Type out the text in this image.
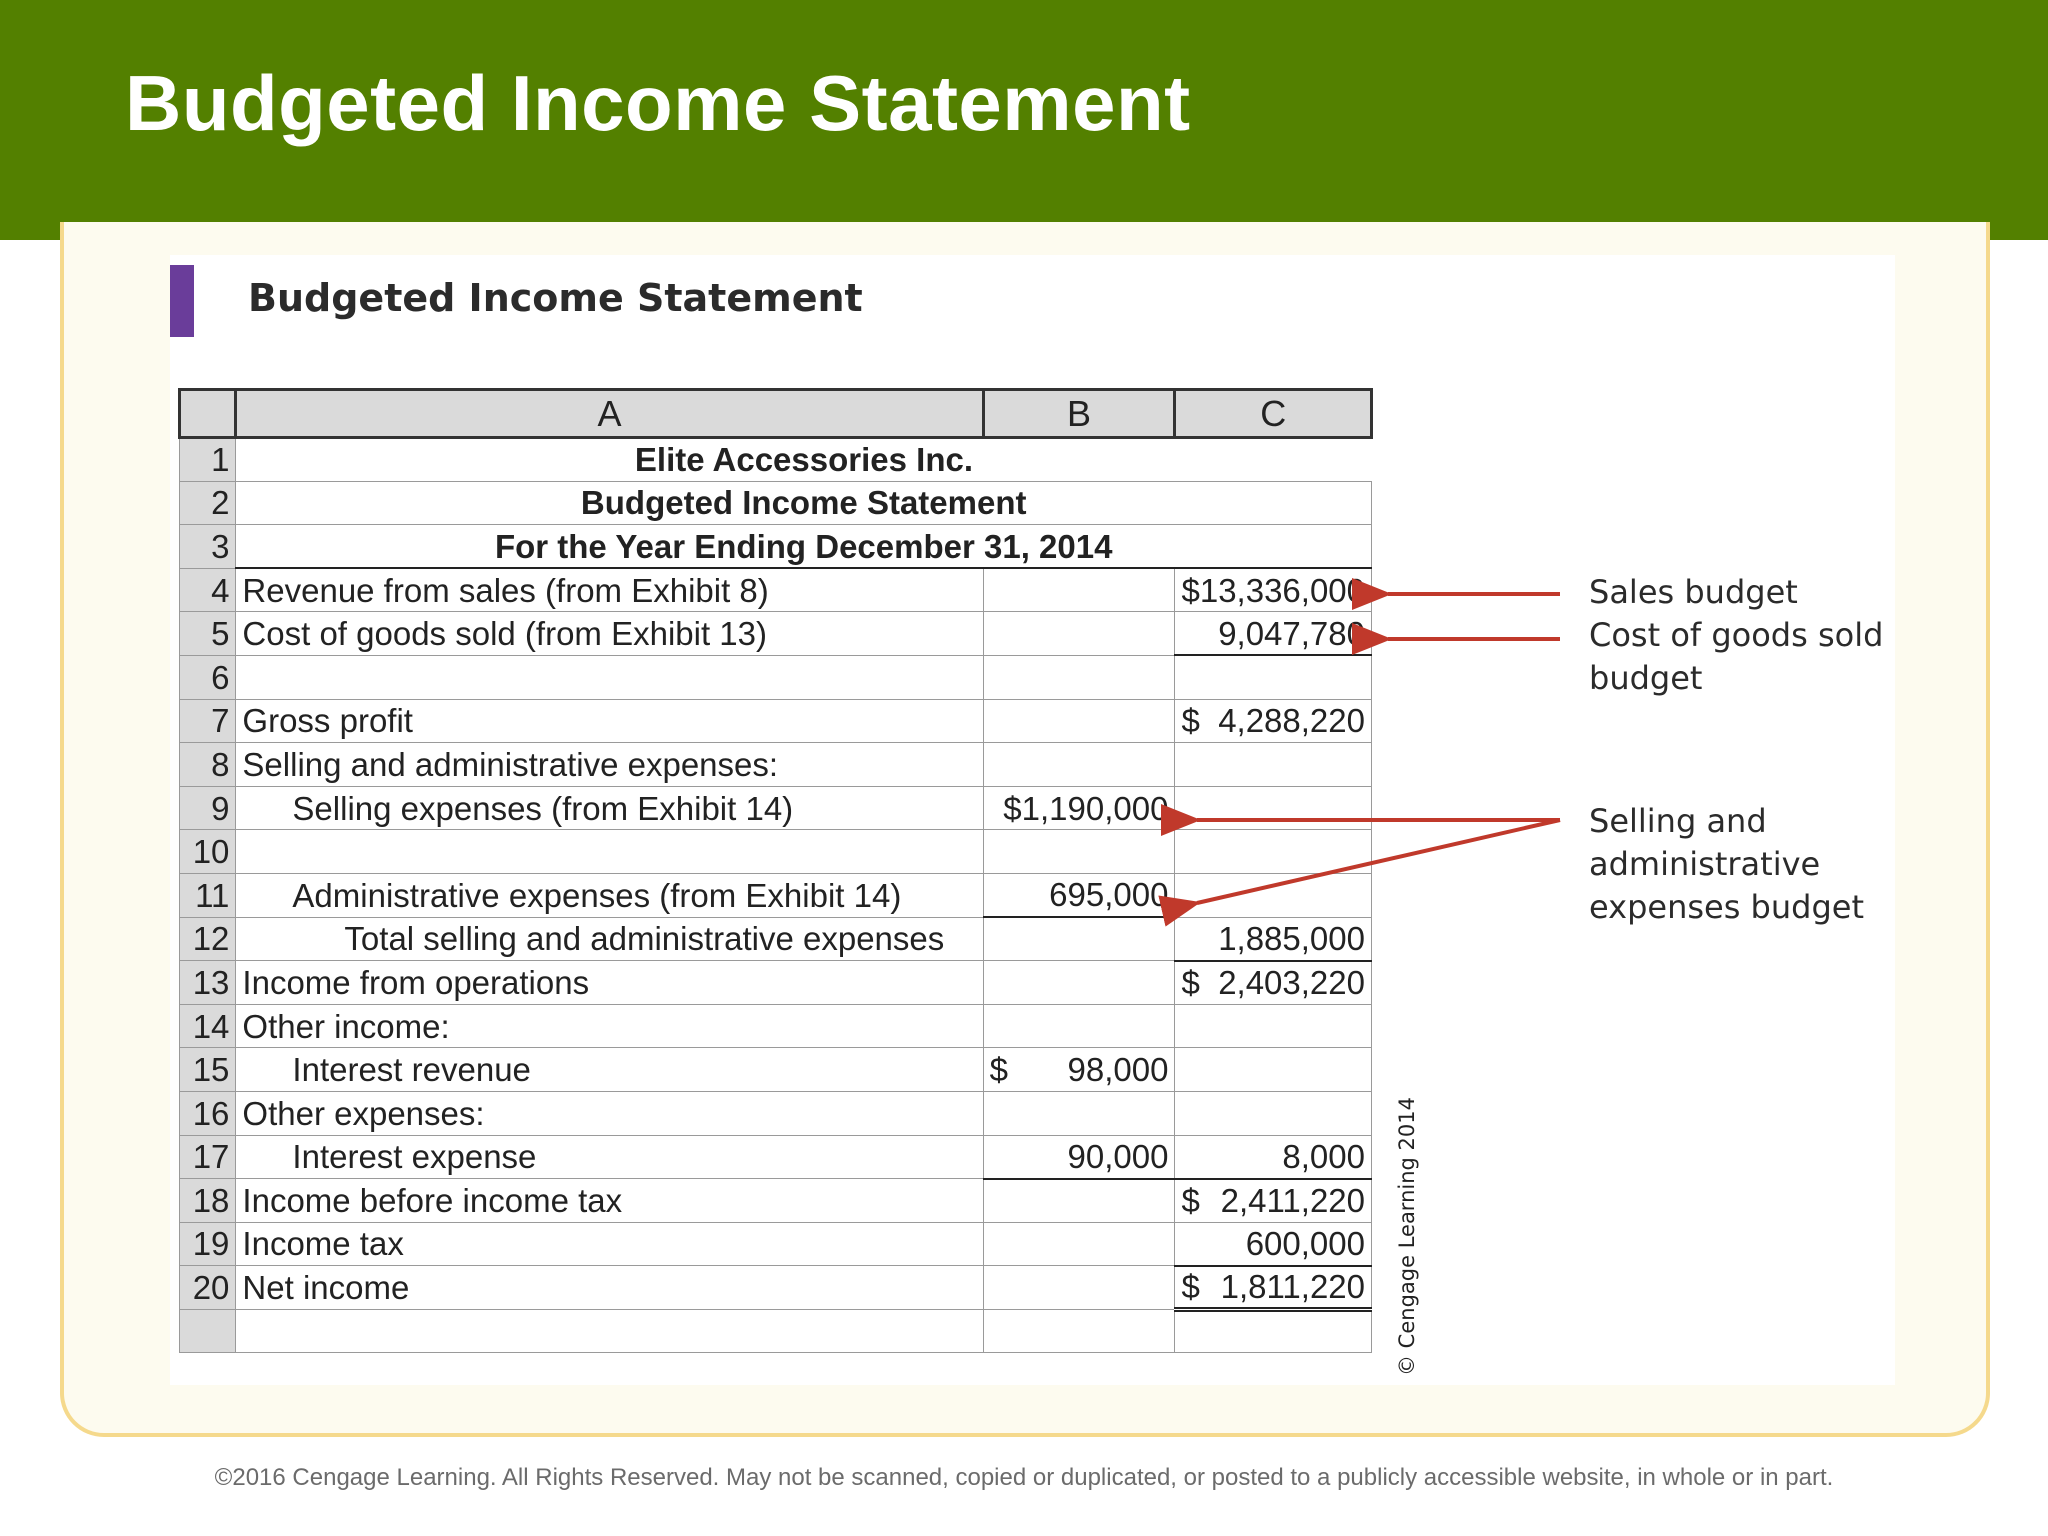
Budgeted Income Statement
Budgeted Income Statement
	A	B	C
1	Elite Accessories Inc.		
2	Budgeted Income Statement		
3	For the Year Ending December 31, 2014		
4	Revenue from sales (from Exhibit 8)		$13,336,000
5	Cost of goods sold (from Exhibit 13)		9,047,780
6			
7	Gross profit		$ 4,288,220
8	Selling and administrative expenses:		
9	Selling expenses (from Exhibit 14)	$1,190,000	
10			
11	Administrative expenses (from Exhibit 14)	695,000	
12	Total selling and administrative expenses		1,885,000
13	Income from operations		$ 2,403,220
14	Other income:		
15	Interest revenue	$ 98,000	
16	Other expenses:		
17	Interest expense	90,000	8,000
18	Income before income tax		$ 2,411,220
19	Income tax		600,000
20	Net income		$ 1,811,220

Sales budget
Cost of goods sold
budget
Selling and
administrative
expenses budget
© Cengage Learning 2014
©2016 Cengage Learning. All Rights Reserved. May not be scanned, copied or duplicated, or posted to a publicly accessible website, in whole or in part.
